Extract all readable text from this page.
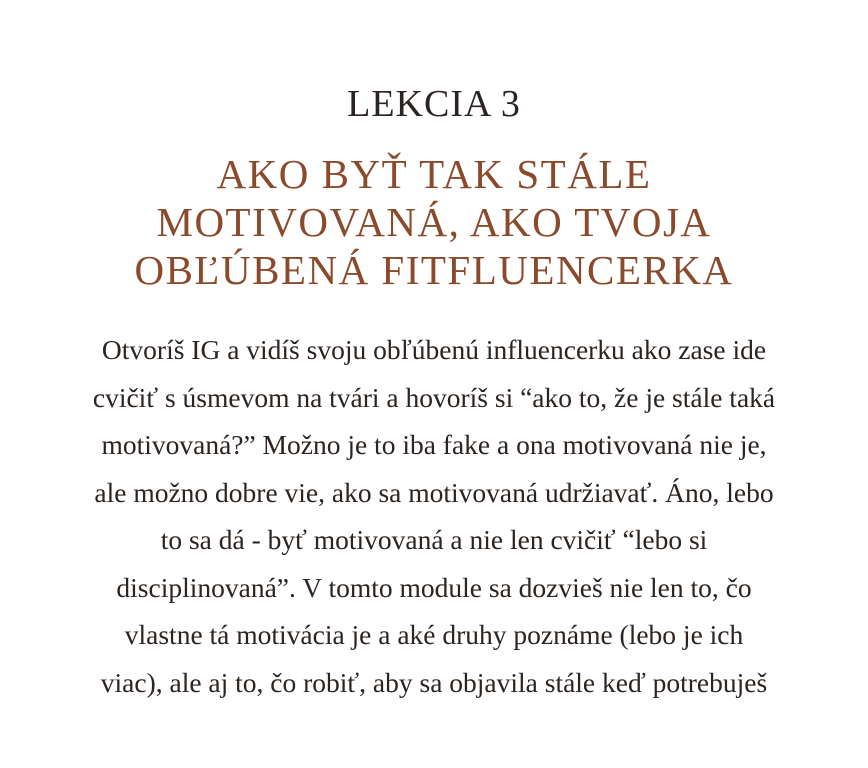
LEKCIA 3
AKO BYŤ TAK STÁLE
MOTIVOVANÁ, AKO TVOJA
OBĽÚBENÁ FITFLUENCERKA

Otvoríš IG a vidíš svoju obľúbenú influencerku ako zase ide
cvičiť s úsmevom na tvári a hovoríš si “ako to, že je stále taká
motivovaná?” Možno je to iba fake a ona motivovaná nie je,
ale možno dobre vie, ako sa motivovaná udržiavať. Áno, lebo
to sa dá - byť motivovaná a nie len cvičiť “lebo si
disciplinovaná”. V tomto module sa dozvieš nie len to, čo
vlastne tá motivácia je a aké druhy poznáme (lebo je ich
viac), ale aj to, čo robiť, aby sa objavila stále keď potrebuješ
